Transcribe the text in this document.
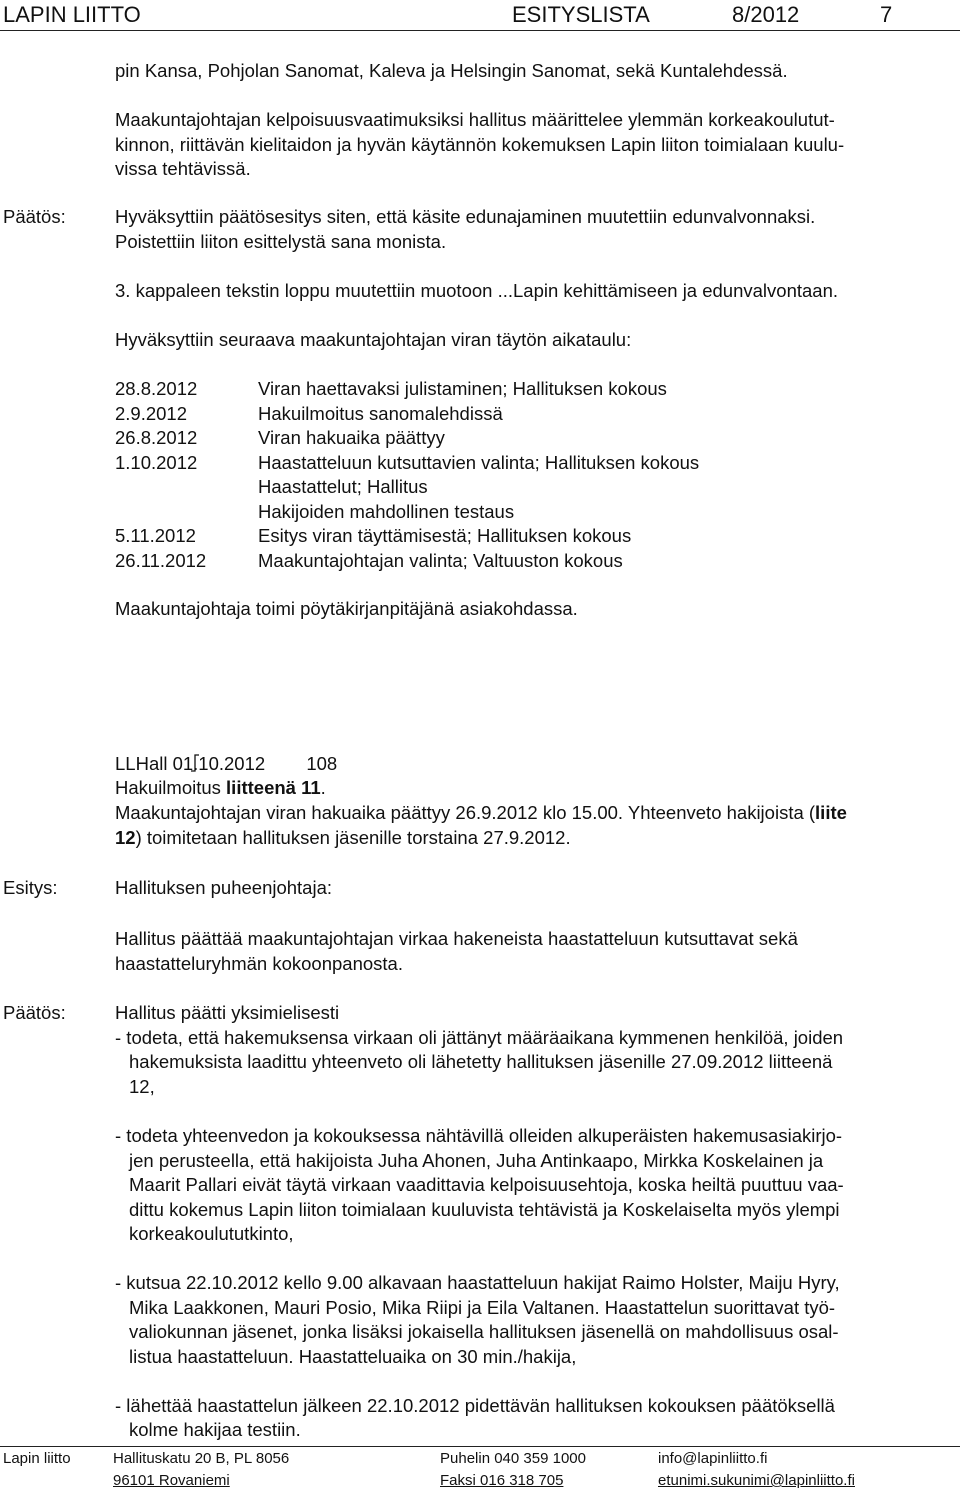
LAPIN LIITTO	ESITYSLISTA	8/2012	7
pin Kansa, Pohjolan Sanomat, Kaleva ja Helsingin Sanomat, sekä Kuntalehdessä.
Maakuntajohtajan kelpoisuusvaatimuksiksi hallitus määrittelee ylemmän korkeakoulutut-
kinnon, riittävän kielitaidon ja hyvän käytännön kokemuksen Lapin liiton toimialaan kuulu-
vissa tehtävissä.
Päätös:	Hyväksyttiin päätösesitys siten, että käsite edunajaminen muutettiin edunvalvonnaksi.
Poistettiin liiton esittelystä sana monista.
3. kappaleen tekstin loppu muutettiin muotoon ...Lapin kehittämiseen ja edunvalvontaan.
Hyväksyttiin seuraava maakuntajohtajan viran täytön aikataulu:
28.8.2012	Viran haettavaksi julistaminen; Hallituksen kokous
2.9.2012	Hakuilmoitus sanomalehdissä
26.8.2012	Viran hakuaika päättyy
1.10.2012	Haastatteluun kutsuttavien valinta; Hallituksen kokous
Haastattelut; Hallitus
Hakijoiden mahdollinen testaus
5.11.2012	Esitys viran täyttämisestä; Hallituksen kokous
26.11.2012	Maakuntajohtajan valinta; Valtuuston kokous
Maakuntajohtaja toimi pöytäkirjanpitäjänä asiakohdassa.
LLHall 01.10.2012 108
Hakuilmoitus liitteenä 11.
Maakuntajohtajan viran hakuaika päättyy 26.9.2012 klo 15.00. Yhteenveto hakijoista (liite
12) toimitetaan hallituksen jäsenille torstaina 27.9.2012.
Esitys:	Hallituksen puheenjohtaja:
Hallitus päättää maakuntajohtajan virkaa hakeneista haastatteluun kutsuttavat sekä
haastatteluryhmän kokoonpanosta.
Päätös:	Hallitus päätti yksimielisesti
- todeta, että hakemuksensa virkaan oli jättänyt määräaikana kymmenen henkilöä, joiden
hakemuksista laadittu yhteenveto oli lähetetty hallituksen jäsenille 27.09.2012 liitteenä
12,
- todeta yhteenvedon ja kokouksessa nähtävillä olleiden alkuperäisten hakemusasiakirjo-
jen perusteella, että hakijoista Juha Ahonen, Juha Antinkaapo, Mirkka Koskelainen ja
Maarit Pallari eivät täytä virkaan vaadittavia kelpoisuusehtoja, koska heiltä puuttuu vaa-
dittu kokemus Lapin liiton toimialaan kuuluvista tehtävistä ja Koskelaiselta myös ylempi
korkeakoulututkinto,
- kutsua 22.10.2012 kello 9.00 alkavaan haastatteluun hakijat Raimo Holster, Maiju Hyry,
Mika Laakkonen, Mauri Posio, Mika Riipi ja Eila Valtanen. Haastattelun suorittavat työ-
valiokunnan jäsenet, jonka lisäksi jokaisella hallituksen jäsenellä on mahdollisuus osal-
listua haastatteluun. Haastatteluaika on 30 min./hakija,
- lähettää haastattelun jälkeen 22.10.2012 pidettävän hallituksen kokouksen päätöksellä
kolme hakijaa testiin.
Lapin liitto	Hallituskatu 20 B, PL 8056
96101 Rovaniemi
Puhelin 040 359 1000
Faksi 016 318 705
info@lapinliitto.fi
etunimi.sukunimi@lapinliitto.fi
